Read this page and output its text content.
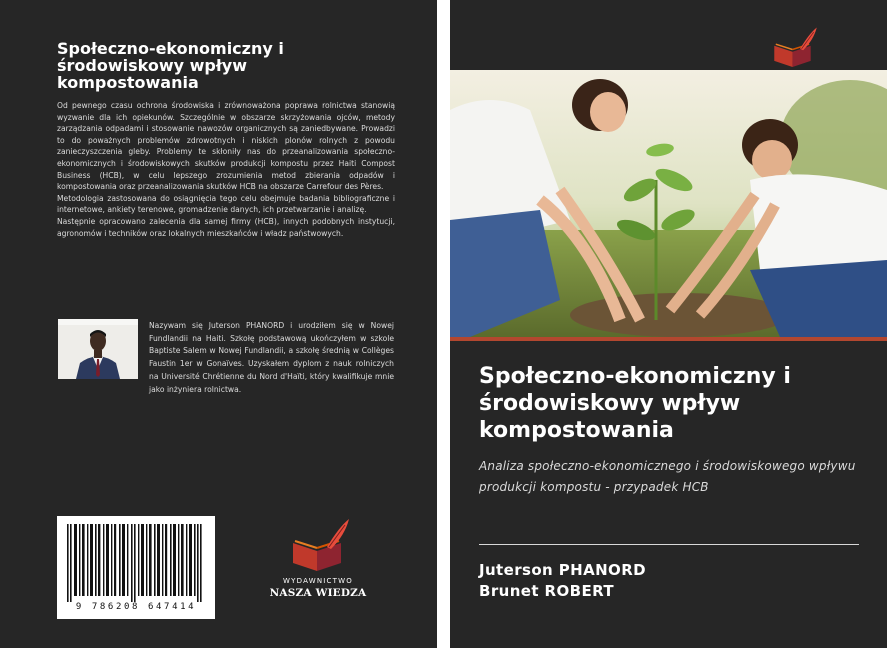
Społeczno-ekonomiczny i środowiskowy wpływ kompostowania

Od pewnego czasu ochrona środowiska i zrównoważona poprawa rolnictwa stanowią wyzwanie dla ich opiekunów. Szczególnie w obszarze skrzyżowania ojców, metody zarządzania odpadami i stosowanie nawozów organicznych są zaniedbywane. Prowadzi to do poważnych problemów zdrowotnych i niskich plonów rolnych z powodu zanieczyszczenia gleby. Problemy te skłoniły nas do przeanalizowania społeczno-ekonomicznych i środowiskowych skutków produkcji kompostu przez Haiti Compost Business (HCB), w celu lepszego zrozumienia metod zbierania odpadów i kompostowania oraz przeanalizowania skutków HCB na obszarze Carrefour des Pères.

Metodologia zastosowana do osiągnięcia tego celu obejmuje badania bibliograficzne i internetowe, ankiety terenowe, gromadzenie danych, ich przetwarzanie i analizę.

Następnie opracowano zalecenia dla samej firmy (HCB), innych podobnych instytucji, agronomów i techników oraz lokalnych mieszkańców i władz państwowych.

Nazywam się Juterson PHANORD i urodziłem się w Nowej Fundlandii na Haiti. Szkołę podstawową ukończyłem w szkole Baptiste Salem w Nowej Fundlandii, a szkołę średnią w Collèges Faustin 1er w Gonaïves. Uzyskałem dyplom z nauk rolniczych na Université Chrétienne du Nord d'Haïti, który kwalifikuje mnie jako inżyniera rolnictwa.
9 786208 647414
WYDAWNICTWO
NASZA WIEDZA
Społeczno-ekonomiczny i środowiskowy wpływ kompostowania
Analiza społeczno-ekonomicznego i środowiskowego wpływu produkcji kompostu - przypadek HCB
Juterson PHANORD
Brunet ROBERT
